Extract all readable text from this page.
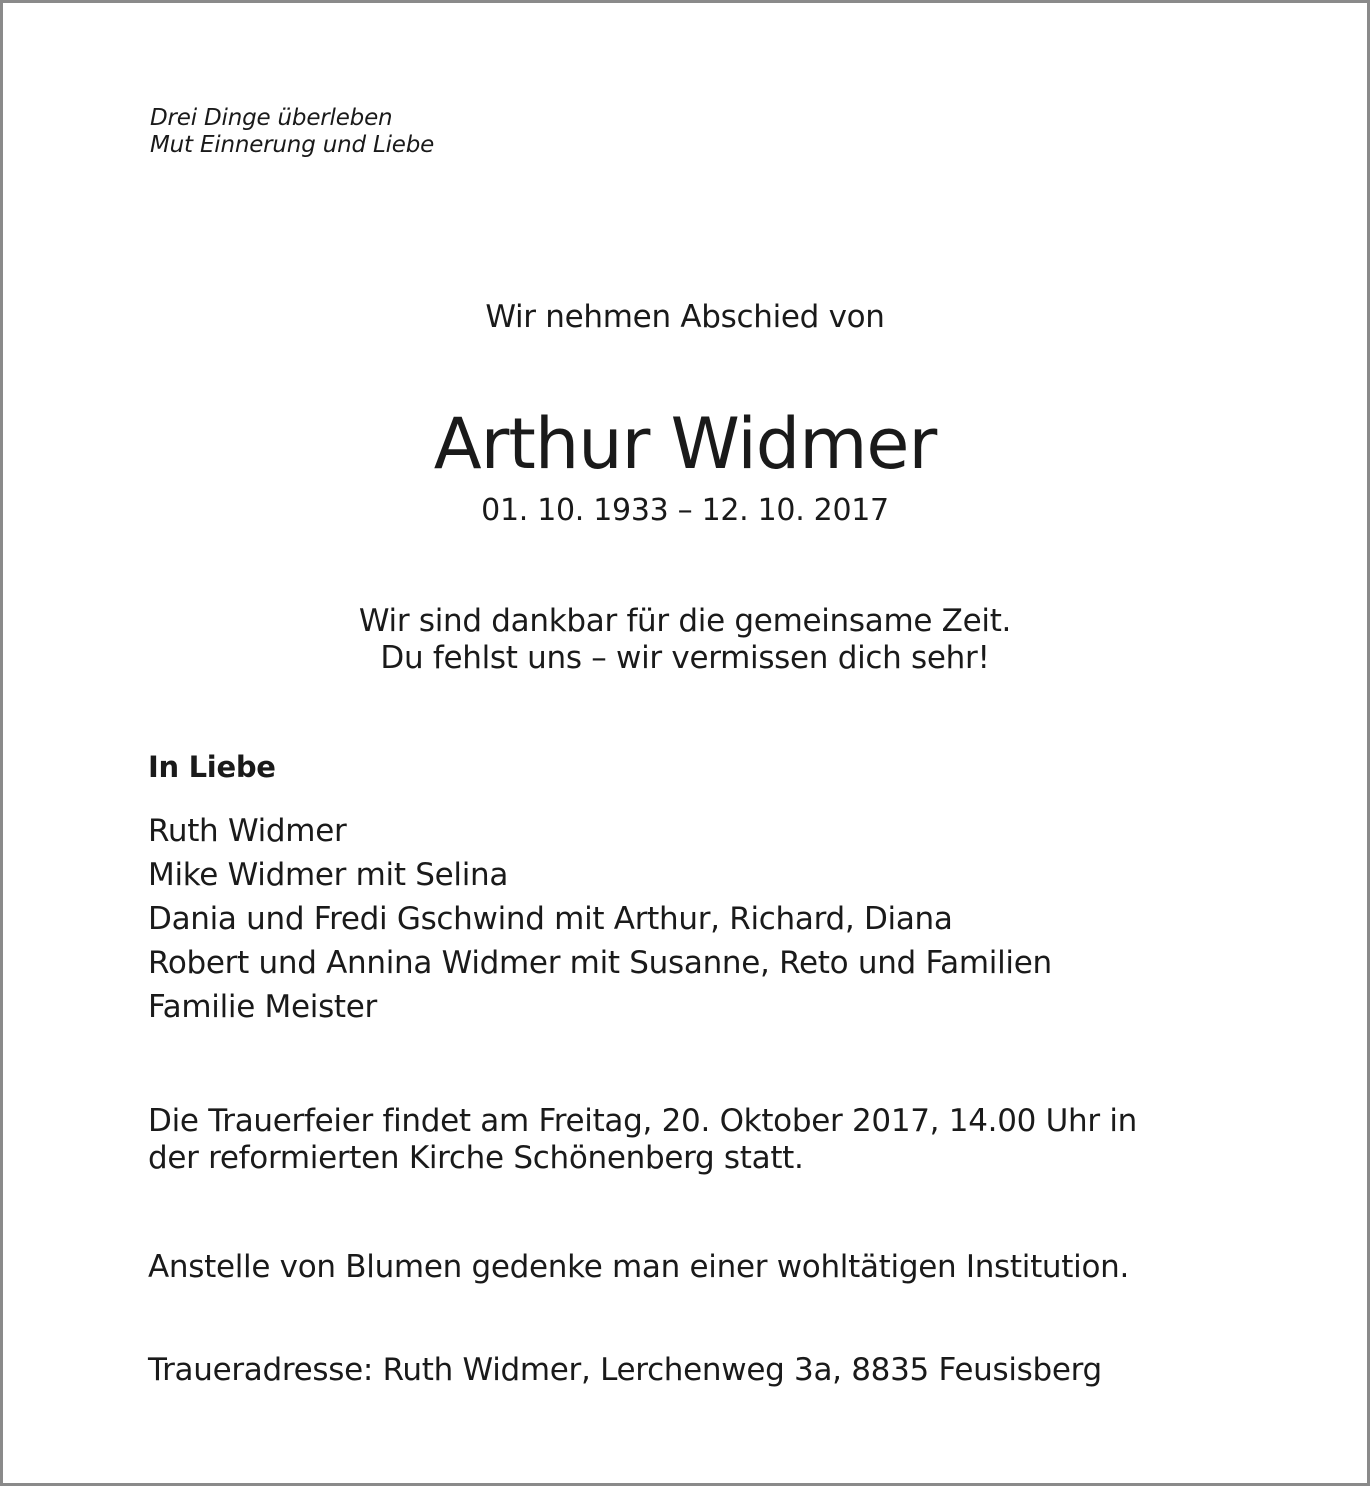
Drei Dinge überleben
Mut Einnerung und Liebe
Wir nehmen Abschied von
Arthur Widmer
01. 10. 1933 – 12. 10. 2017
Wir sind dankbar für die gemeinsame Zeit.
Du fehlst uns – wir vermissen dich sehr!
In Liebe
Ruth Widmer
Mike Widmer mit Selina
Dania und Fredi Gschwind mit Arthur, Richard, Diana
Robert und Annina Widmer mit Susanne, Reto und Familien
Familie Meister
Die Trauerfeier findet am Freitag, 20. Oktober 2017, 14.00 Uhr in
der reformierten Kirche Schönenberg statt.
Anstelle von Blumen gedenke man einer wohltätigen Institution.
Traueradresse: Ruth Widmer, Lerchenweg 3a, 8835 Feusisberg
